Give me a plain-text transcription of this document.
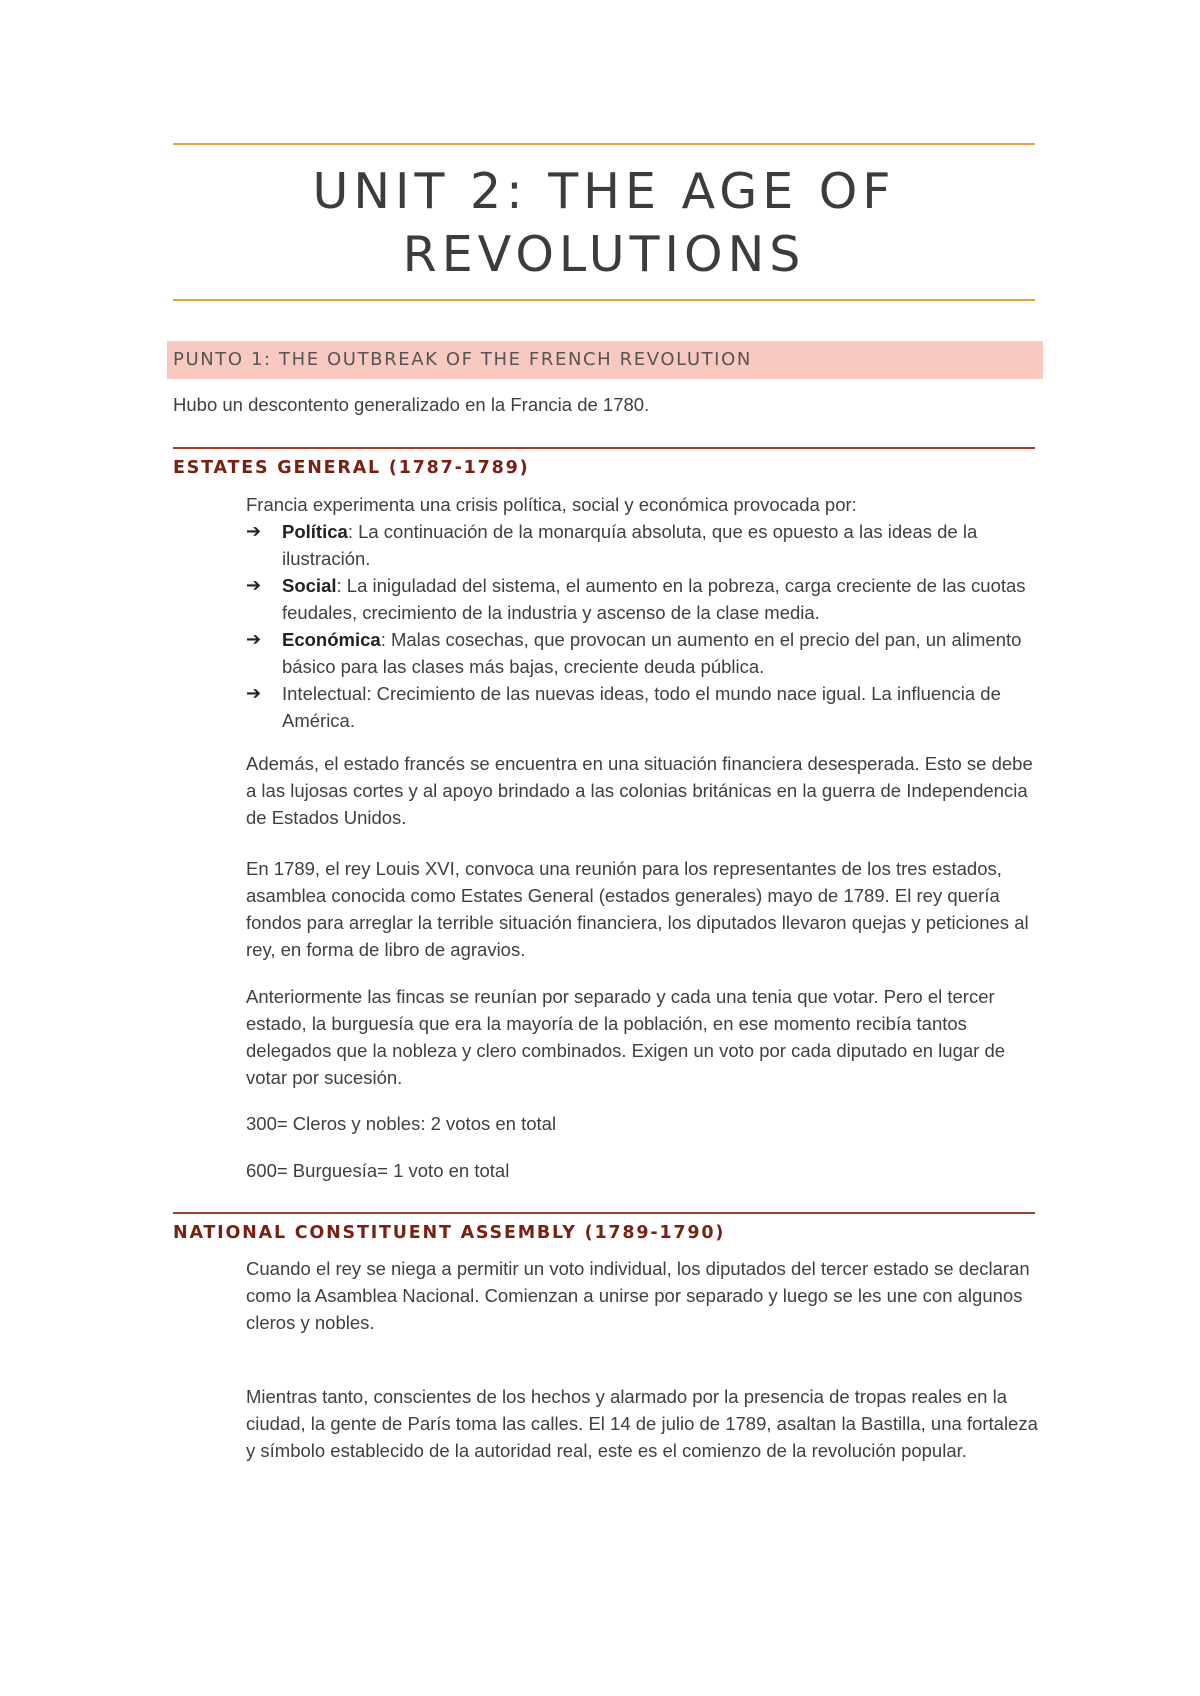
UNIT 2: THE AGE OF
REVOLUTIONS
PUNTO 1: THE OUTBREAK OF THE FRENCH REVOLUTION

Hubo un descontento generalizado en la Francia de 1780.

ESTATES GENERAL (1787-1789)

Francia experimenta una crisis política, social y económica provocada por:

➔ Política: La continuación de la monarquía absoluta, que es opuesto a las ideas de la ilustración.
➔ Social: La iniguladad del sistema, el aumento en la pobreza, carga creciente de las cuotas feudales, crecimiento de la industria y ascenso de la clase media.
➔ Económica: Malas cosechas, que provocan un aumento en el precio del pan, un alimento básico para las clases más bajas, creciente deuda pública.
➔ Intelectual: Crecimiento de las nuevas ideas, todo el mundo nace igual. La influencia de América.

Además, el estado francés se encuentra en una situación financiera desesperada. Esto se debe a las lujosas cortes y al apoyo brindado a las colonias británicas en la guerra de Independencia de Estados Unidos.

En 1789, el rey Louis XVI, convoca una reunión para los representantes de los tres estados, asamblea conocida como Estates General (estados generales) mayo de 1789. El rey quería fondos para arreglar la terrible situación financiera, los diputados llevaron quejas y peticiones al rey, en forma de libro de agravios.

Anteriormente las fincas se reunían por separado y cada una tenia que votar. Pero el tercer estado, la burguesía que era la mayoría de la población, en ese momento recibía tantos delegados que la nobleza y clero combinados. Exigen un voto por cada diputado en lugar de votar por sucesión.

300= Cleros y nobles: 2 votos en total

600= Burguesía= 1 voto en total

NATIONAL CONSTITUENT ASSEMBLY (1789-1790)

Cuando el rey se niega a permitir un voto individual, los diputados del tercer estado se declaran como la Asamblea Nacional. Comienzan a unirse por separado y luego se les une con algunos cleros y nobles.

Mientras tanto, conscientes de los hechos y alarmado por la presencia de tropas reales en la ciudad, la gente de París toma las calles. El 14 de julio de 1789, asaltan la Bastilla, una fortaleza y símbolo establecido de la autoridad real, este es el comienzo de la revolución popular.
